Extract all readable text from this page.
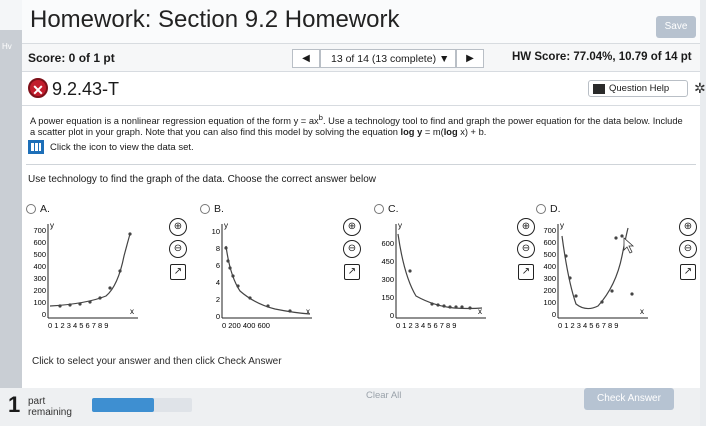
Hv
Homework: Section 9.2 Homework	Save
Score: 0 of 1 pt	◀	13 of 14 (13 complete) ▼	▶	HW Score: 77.04%, 10.79 of 14 pt
✕ 9.2.43-T	Question Help	✲
A power equation is a nonlinear regression equation of the form $y = ax^b$. Use a technology tool to find and graph the power equation for the data below. Include a scatter plot in your graph. Note that you can also find this model by solving the equation log y = m(log x) + b.
Click the icon to view the data set.
Use technology to find the graph of the data. Choose the correct answer below
A.
y
x
700
600
500
400
300
200
100
0
0 1 2 3 4 5 6 7 8 9
⊕
⊖
↗
B.
y
x
10
8
6
4
2
0
0 200 400 600
⊕
⊖
↗
C.
y
x
600
450
300
150
0
0 1 2 3 4 5 6 7 8 9
⊕
⊖
↗
D.
y
x
700
600
500
400
300
200
100
0
0 1 2 3 4 5 6 7 8 9
⊕
⊖
↗
Click to select your answer and then click Check Answer
1 part
remaining
Clear All	Check Answer
